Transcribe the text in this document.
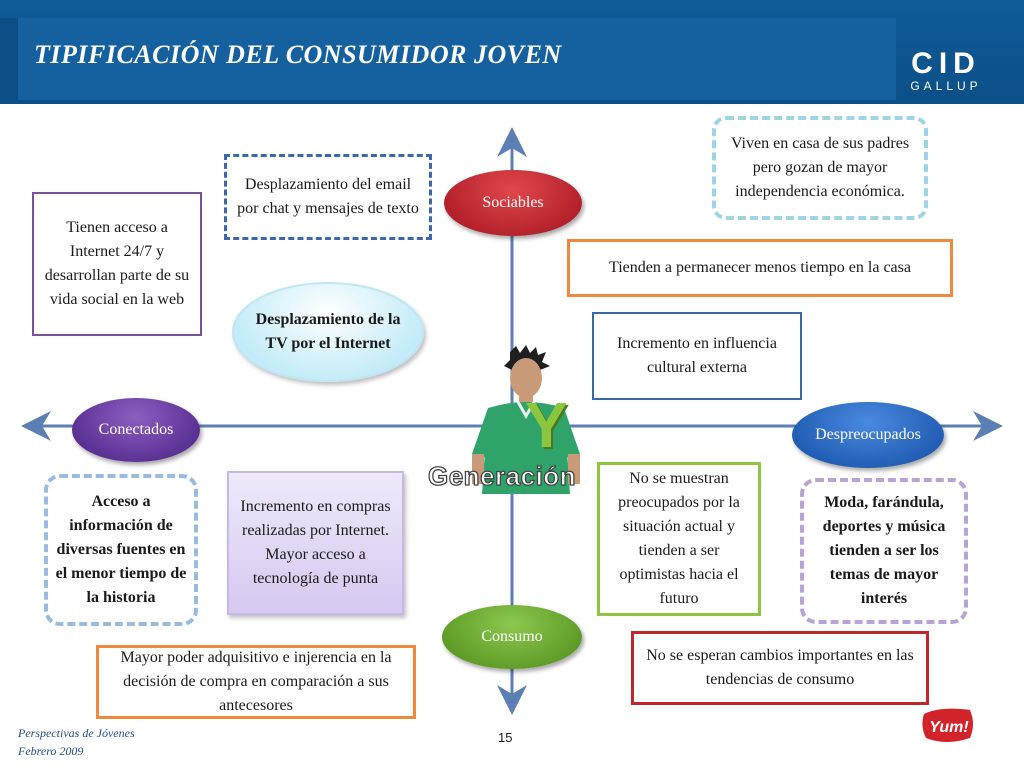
TIPIFICACIÓN DEL CONSUMIDOR JOVEN	CID
GALLUP
Sociables
Conectados	Despreocupados
Consumo
Y
Generación
Desplazamiento del email por chat y mensajes de texto
Tienen acceso a Internet 24/7 y desarrollan parte de su vida social en la web
Desplazamiento de la TV por el Internet
Viven en casa de sus padres pero gozan de mayor independencia económica.
Tienden a permanecer menos tiempo en la casa
Incremento en influencia cultural externa
Acceso a información de diversas fuentes en el menor tiempo de la historia
Incremento en compras realizadas por Internet. Mayor acceso a tecnología de punta
No se muestran preocupados por la situación actual y tienden a ser optimistas hacia el futuro
Moda, farándula, deportes y música tienden a ser los temas de mayor interés
Mayor poder adquisitivo e injerencia en la decisión de compra en comparación a sus antecesores
No se esperan cambios importantes en las tendencias de consumo
Perspectivas de Jóvenes
Febrero 2009
15
Yum!
